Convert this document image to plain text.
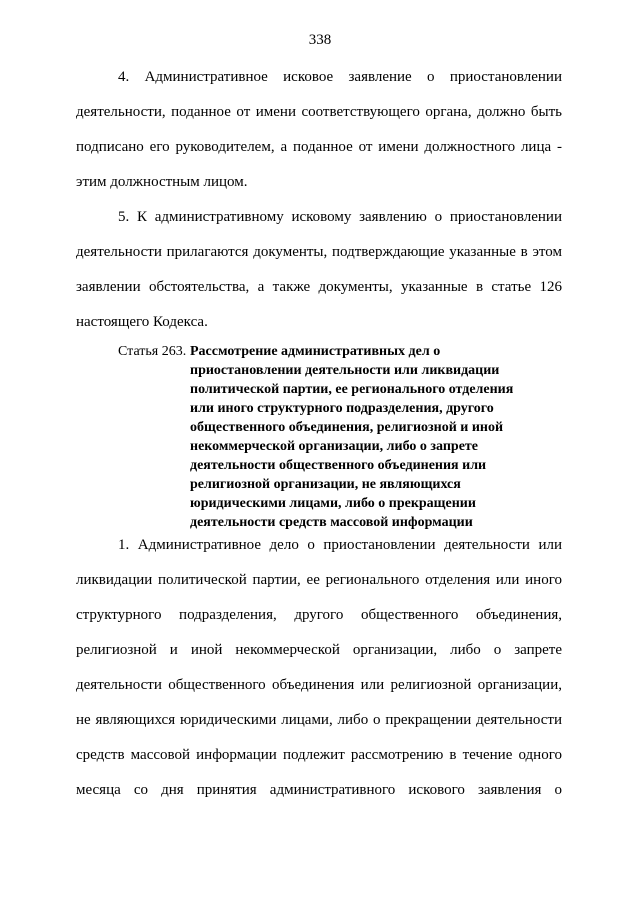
338
4. Административное исковое заявление о приостановлении
деятельности, поданное от имени соответствующего органа, должно быть
подписано его руководителем, а поданное от имени должностного лица -
этим должностным лицом.
5. К административному исковому заявлению о приостановлении
деятельности прилагаются документы, подтверждающие указанные в этом
заявлении обстоятельства, а также документы, указанные в статье 126
настоящего Кодекса.
Статья 263. Рассмотрение административных дел о
приостановлении деятельности или ликвидации
политической партии, ее регионального отделения
или иного структурного подразделения, другого
общественного объединения, религиозной и иной
некоммерческой организации, либо о запрете
деятельности общественного объединения или
религиозной организации, не являющихся
юридическими лицами, либо о прекращении
деятельности средств массовой информации
1. Административное дело о приостановлении деятельности или
ликвидации политической партии, ее регионального отделения или иного
структурного подразделения, другого общественного объединения,
религиозной и иной некоммерческой организации, либо о запрете
деятельности общественного объединения или религиозной организации,
не являющихся юридическими лицами, либо о прекращении деятельности
средств массовой информации подлежит рассмотрению в течение одного
месяца со дня принятия административного искового заявления о
